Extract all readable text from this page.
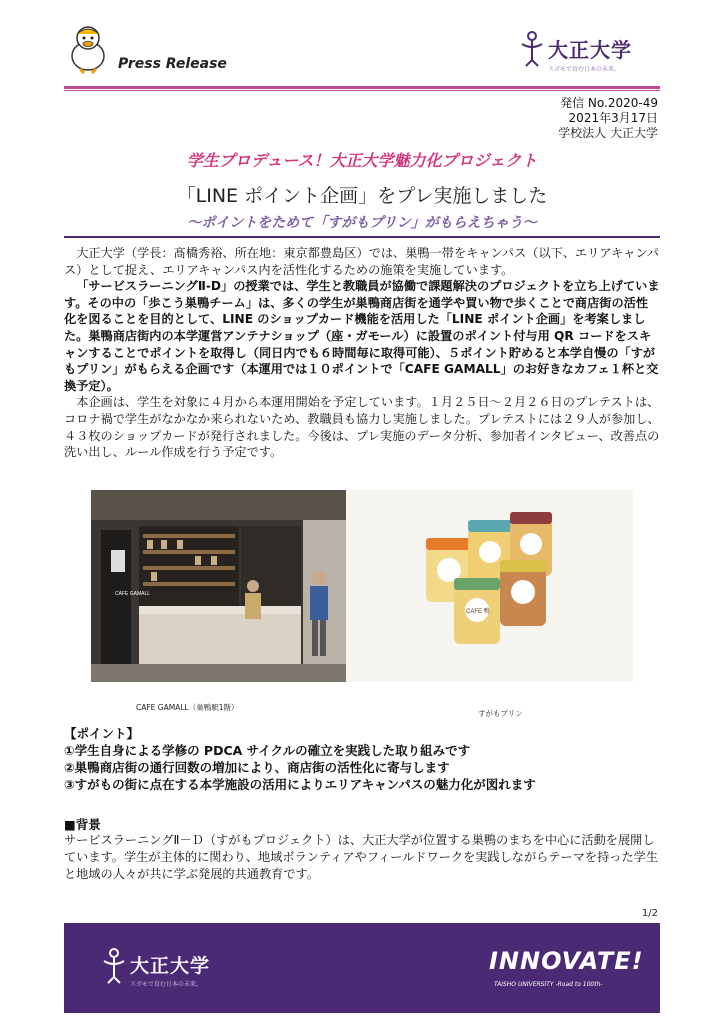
Press Release
大正大学
スガモで育む日本の未来。
発信 No.2020-49
2021年3月17日
学校法人 大正大学
学生プロデュース！大正大学魅力化プロジェクト
「LINE ポイント企画」をプレ実施しました
〜ポイントをためて「すがもプリン」がもらえちゃう〜

大正大学（学長：髙橋秀裕、所在地：東京都豊島区）では、巣鴨一帯をキャンパス（以下、エリアキャンパス）として捉え、エリアキャンパス内を活性化するための施策を実施しています。

「サービスラーニングⅡ-D」の授業では、学生と教職員が協働で課題解決のプロジェクトを立ち上げています。その中の「歩こう巣鴨チーム」は、多くの学生が巣鴨商店街を通学や買い物で歩くことで商店街の活性化を図ることを目的として、LINE のショップカード機能を活用した「LINE ポイント企画」を考案しました。巣鴨商店街内の本学運営アンテナショップ（座・ガモール）に設置のポイント付与用 QR コードをスキャンすることでポイントを取得し（同日内でも６時間毎に取得可能）、５ポイント貯めると本学自慢の「すがもプリン」がもらえる企画です（本運用では１０ポイントで「CAFE GAMALL」のお好きなカフェ１杯と交換予定）。

本企画は、学生を対象に４月から本運用開始を予定しています。１月２５日〜２月２６日のプレテストは、コロナ禍で学生がなかなか来られないため、教職員も協力し実施しました。プレテストには２９人が参加し、４３枚のショップカードが発行されました。今後は、プレ実施のデータ分析、参加者インタビュー、改善点の洗い出し、ルール作成を行う予定です。

CAFE GAMALL
CAFE 鴨
CAFE GAMALL（巣鴨駅1階）
すがもプリン
【ポイント】
①学生自身による学修の PDCA サイクルの確立を実践した取り組みです
②巣鴨商店街の通行回数の増加により、商店街の活性化に寄与します
③すがもの街に点在する本学施設の活用によりエリアキャンパスの魅力化が図れます
■背景
サービスラーニングⅡ－Ｄ（すがもプロジェクト）は、大正大学が位置する巣鴨のまちを中心に活動を展開しています。学生が主体的に関わり、地域ボランティアやフィールドワークを実践しながらテーマを持った学生と地域の人々が共に学ぶ発展的共通教育です。
1/2
大正大学
スガモで育む日本の未来。
INNOVATE!
TAISHO UNIVERSITY -Road to 100th-
